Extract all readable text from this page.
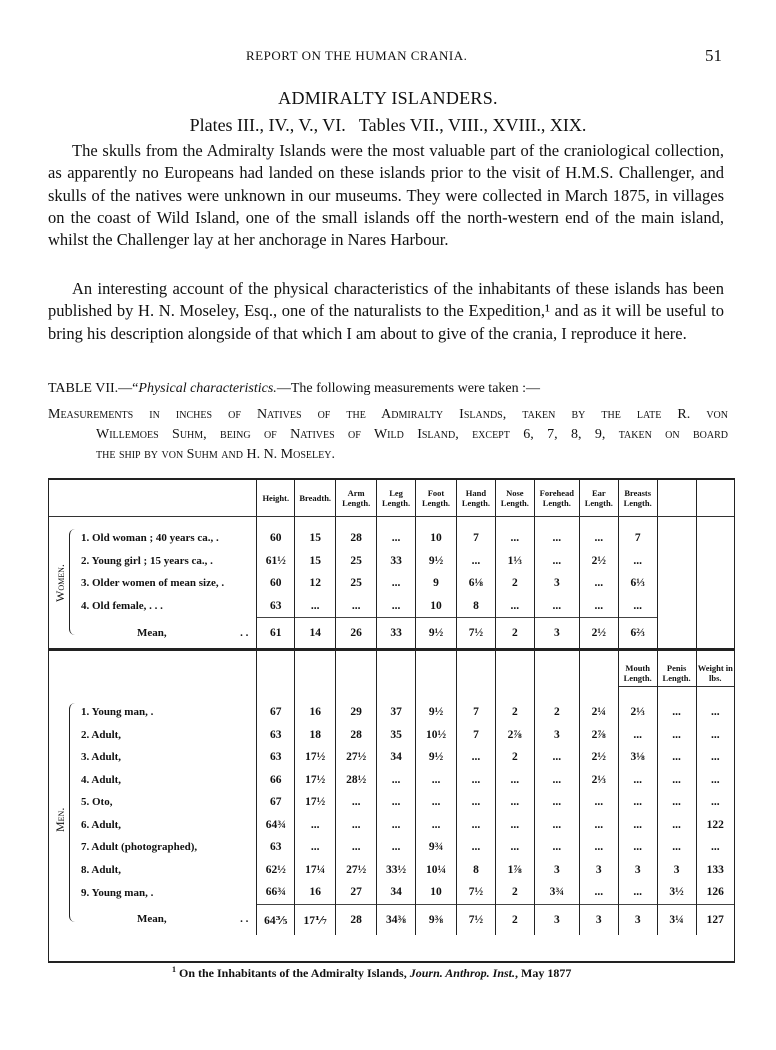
REPORT ON THE HUMAN CRANIA.	51
ADMIRALTY ISLANDERS.
Plates III., IV., V., VI.   Tables VII., VIII., XVIII., XIX.
The skulls from the Admiralty Islands were the most valuable part of the craniological collection, as apparently no Europeans had landed on these islands prior to the visit of H.M.S. Challenger, and skulls of the natives were unknown in our museums. They were collected in March 1875, in villages on the coast of Wild Island, one of the small islands off the north-western end of the main island, whilst the Challenger lay at her anchorage in Nares Harbour.
An interesting account of the physical characteristics of the inhabitants of these islands has been published by H. N. Moseley, Esq., one of the naturalists to the Expedition,¹ and as it will be useful to bring his description alongside of that which I am about to give of the crania, I reproduce it here.
TABLE VII.—“Physical characteristics.—The following measurements were taken :—
Measurements in inches of Natives of the Admiralty Islands, taken by the late R. von
Willemoes Suhm, being of Natives of Wild Island, except 6, 7, 8, 9, taken on board
the ship by von Suhm and H. N. Moseley.
	Height.	Breadth.	Arm Length.	Leg Length.	Foot Length.	Hand Length.	Nose Length.	Forehead Length.	Ear Length.	Breasts Length.		

1. Old woman ; 40 years ca., .
Women.	60	15	28	...	10	7	...	...	...	7		

2. Young girl ; 15 years ca., .	61½	15	25	33	9½	...	1⅓	...	2½	...		

3. Older women of mean size, .	60	12	25	...	9	6⅛	2	3	...	6⅓		

4. Old female, . . .	63	...	...	...	10	8	...	...	...	...		

Mean, . .	61	14	26	33	9½	7½	2	3	2½	6⅔		

										Mouth Length.	Penis Length.	Weight in lbs.

1. Young man, .
Men.	67	16	29	37	9½	7	2	2	2¼	2⅓	...	...

2. Adult,	63	18	28	35	10½	7	2⅞	3	2⅞	...	...	...

3. Adult,	63	17½	27½	34	9½	...	2	...	2½	3⅛	...	...

4. Adult,	66	17½	28½	...	...	...	...	...	2⅓	...	...	...

5. Oto,	67	17½	...	...	...	...	...	...	...	...	...	...

6. Adult,	64¾	...	...	...	...	...	...	...	...	...	...	122

7. Adult (photographed),	63	...	...	...	9¾	...	...	...	...	...	...	...

8. Adult,	62½	17¼	27½	33½	10¼	8	1⅞	3	3	3	3	133

9. Young man, .	66¾	16	27	34	10	7½	2	3¾	...	...	3½	126

Mean, . .	64⅗	17⅐	28	34⅜	9⅜	7½	2	3	3	3	3¼	127
$^1$ On the Inhabitants of the Admiralty Islands, Journ. Anthrop. Inst., May 1877
